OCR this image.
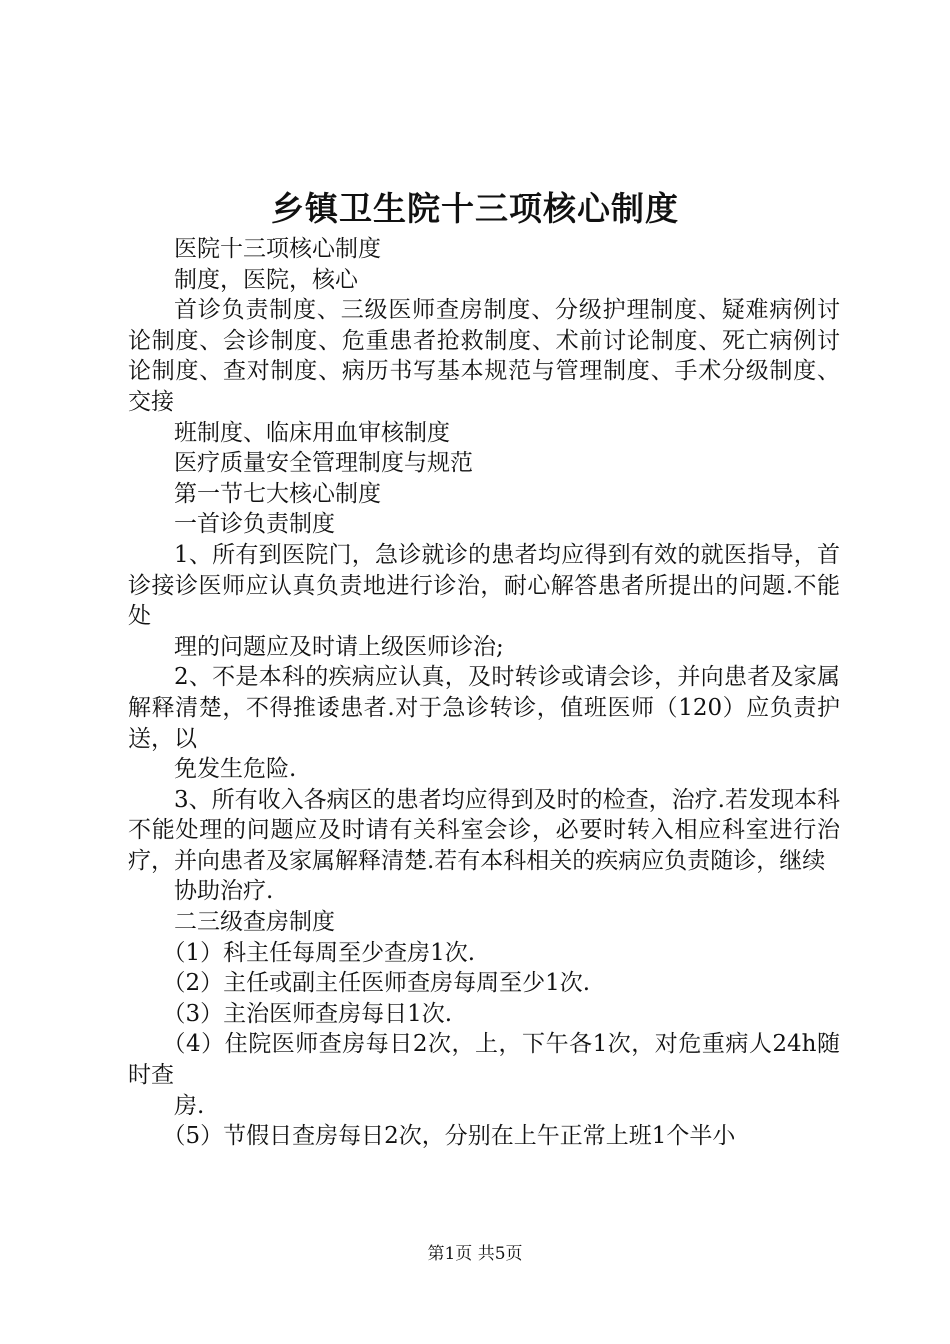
乡镇卫生院十三项核心制度

医院十三项核心制度

制度，医院，核心

首诊负责制度、三级医师查房制度、分级护理制度、疑难病例讨论制度、会诊制度、危重患者抢救制度、术前讨论制度、死亡病例讨论制度、查对制度、病历书写基本规范与管理制度、手术分级制度、交接

班制度、临床用血审核制度

医疗质量安全管理制度与规范

第一节七大核心制度

一首诊负责制度

1、所有到医院门，急诊就诊的患者均应得到有效的就医指导，首诊接诊医师应认真负责地进行诊治，耐心解答患者所提出的问题.不能处

理的问题应及时请上级医师诊治;

2、不是本科的疾病应认真，及时转诊或请会诊，并向患者及家属解释清楚，不得推诿患者.对于急诊转诊，值班医师（120）应负责护送，以

免发生危险.

3、所有收入各病区的患者均应得到及时的检查，治疗.若发现本科不能处理的问题应及时请有关科室会诊，必要时转入相应科室进行治疗，并向患者及家属解释清楚.若有本科相关的疾病应负责随诊，继续

协助治疗.

二三级查房制度

（1）科主任每周至少查房1次.

（2）主任或副主任医师查房每周至少1次.

（3）主治医师查房每日1次.

（4）住院医师查房每日2次，上，下午各1次，对危重病人24h随时查

房.

（5）节假日查房每日2次，分别在上午正常上班1个半小

第1页 共5页
